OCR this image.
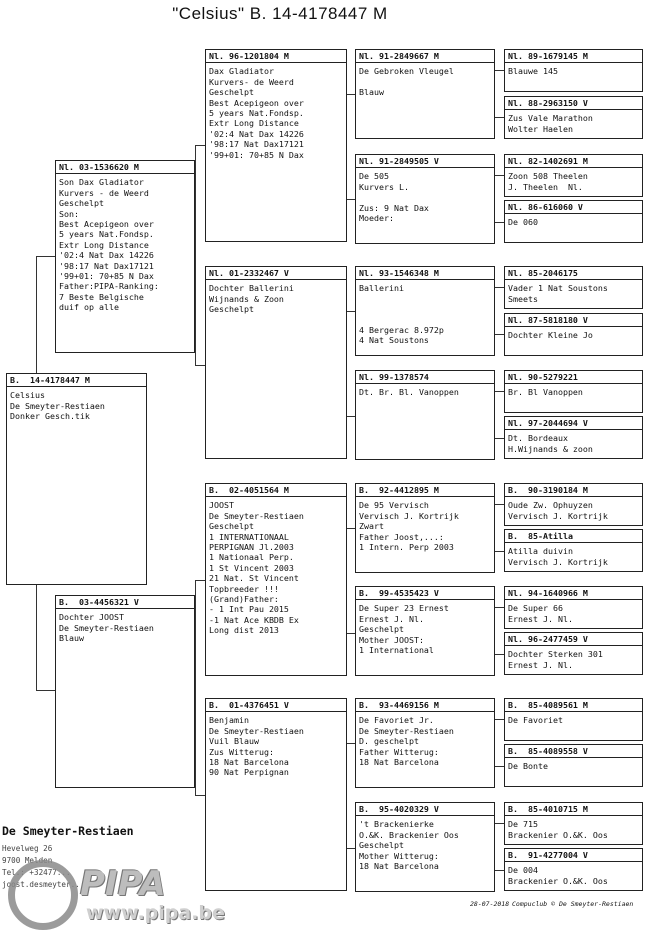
"Celsius" B. 14-4178447 M
B.  14-4178447 M
Celsius
De Smeyter-Restiaen
Donker Gesch.tik
Nl. 03-1536620 M
Son Dax Gladiator
Kurvers - de Weerd
Geschelpt
Son:
Best Acepigeon over
5 years Nat.Fondsp.
Extr Long Distance
'02:4 Nat Dax 14226
'98:17 Nat Dax17121
'99+01: 70+85 N Dax
Father:PIPA-Ranking:
7 Beste Belgische
duif op alle
B.  03-4456321 V
Dochter JOOST
De Smeyter-Restiaen
Blauw
Nl. 96-1201804 M
Dax Gladiator
Kurvers- de Weerd
Geschelpt
Best Acepigeon over
5 years Nat.Fondsp.
Extr Long Distance
'02:4 Nat Dax 14226
'98:17 Nat Dax17121
'99+01: 70+85 N Dax
Nl. 01-2332467 V
Dochter Ballerini
Wijnands & Zoon
Geschelpt
B.  02-4051564 M
JOOST
De Smeyter-Restiaen
Geschelpt
1 INTERNATIONAAL
PERPIGNAN Jl.2003
1 Nationaal Perp.
1 St Vincent 2003
21 Nat. St Vincent
Topbreeder !!!
(Grand)Father:
- 1 Int Pau 2015
-1 Nat Ace KBDB Ex
Long dist 2013
B.  01-4376451 V
Benjamin
De Smeyter-Restiaen
Vuil Blauw
Zus Witterug:
18 Nat Barcelona
90 Nat Perpignan
Nl. 91-2849667 M
De Gebroken Vleugel
Blauw
Nl. 91-2849505 V
De 505
Kurvers L.
Zus: 9 Nat Dax
Moeder:
Nl. 93-1546348 M
Ballerini
4 Bergerac 8.972p
4 Nat Soustons
Nl. 99-1378574
Dt. Br. Bl. Vanoppen
B.  92-4412895 M
De 95 Vervisch
Vervisch J. Kortrijk
Zwart
Father Joost,...:
1 Intern. Perp 2003
B.  99-4535423 V
De Super 23 Ernest
Ernest J. Nl.
Geschelpt
Mother JOOST:
1 International
B.  93-4469156 M
De Favoriet Jr.
De Smeyter-Restiaen
D. geschelpt
Father Witterug:
18 Nat Barcelona
B.  95-4020329 V
't Brackenierke
O.&K. Brackenier Oos
Geschelpt
Mother Witterug:
18 Nat Barcelona
Nl. 89-1679145 M
Blauwe 145
Nl. 88-2963150 V
Zus Vale Marathon
Wolter Haelen
Nl. 82-1402691 M
Zoon 508 Theelen
J. Theelen  Nl.
Nl. 86-616060 V
De 060
Nl. 85-2046175
Vader 1 Nat Soustons
Smeets
Nl. 87-5818180 V
Dochter Kleine Jo
Nl. 90-5279221
Br. Bl Vanoppen
Nl. 97-2044694 V
Dt. Bordeaux
H.Wijnands & zoon
B.  90-3190184 M
Oude Zw. Ophuyzen
Vervisch J. Kortrijk
B.  85-Atilla
Atilla duivin
Vervisch J. Kortrijk
Nl. 94-1640966 M
De Super 66
Ernest J. Nl.
Nl. 96-2477459 V
Dochter Sterken 301
Ernest J. Nl.
B.  85-4089561 M
De Favoriet
B.  85-4089558 V
De Bonte
B.  85-4010715 M
De 715
Brackenier O.&K. Oos
B.  91-4277004 V
De 004
Brackenier O.&K. Oos
De Smeyter-Restiaen
Hevelweg 26
9700 Melden
Tel.: +32477...
joost.desmeyter...
PIPA
www.pipa.be	28-07-2018 Compuclub © De Smeyter-Restiaen
